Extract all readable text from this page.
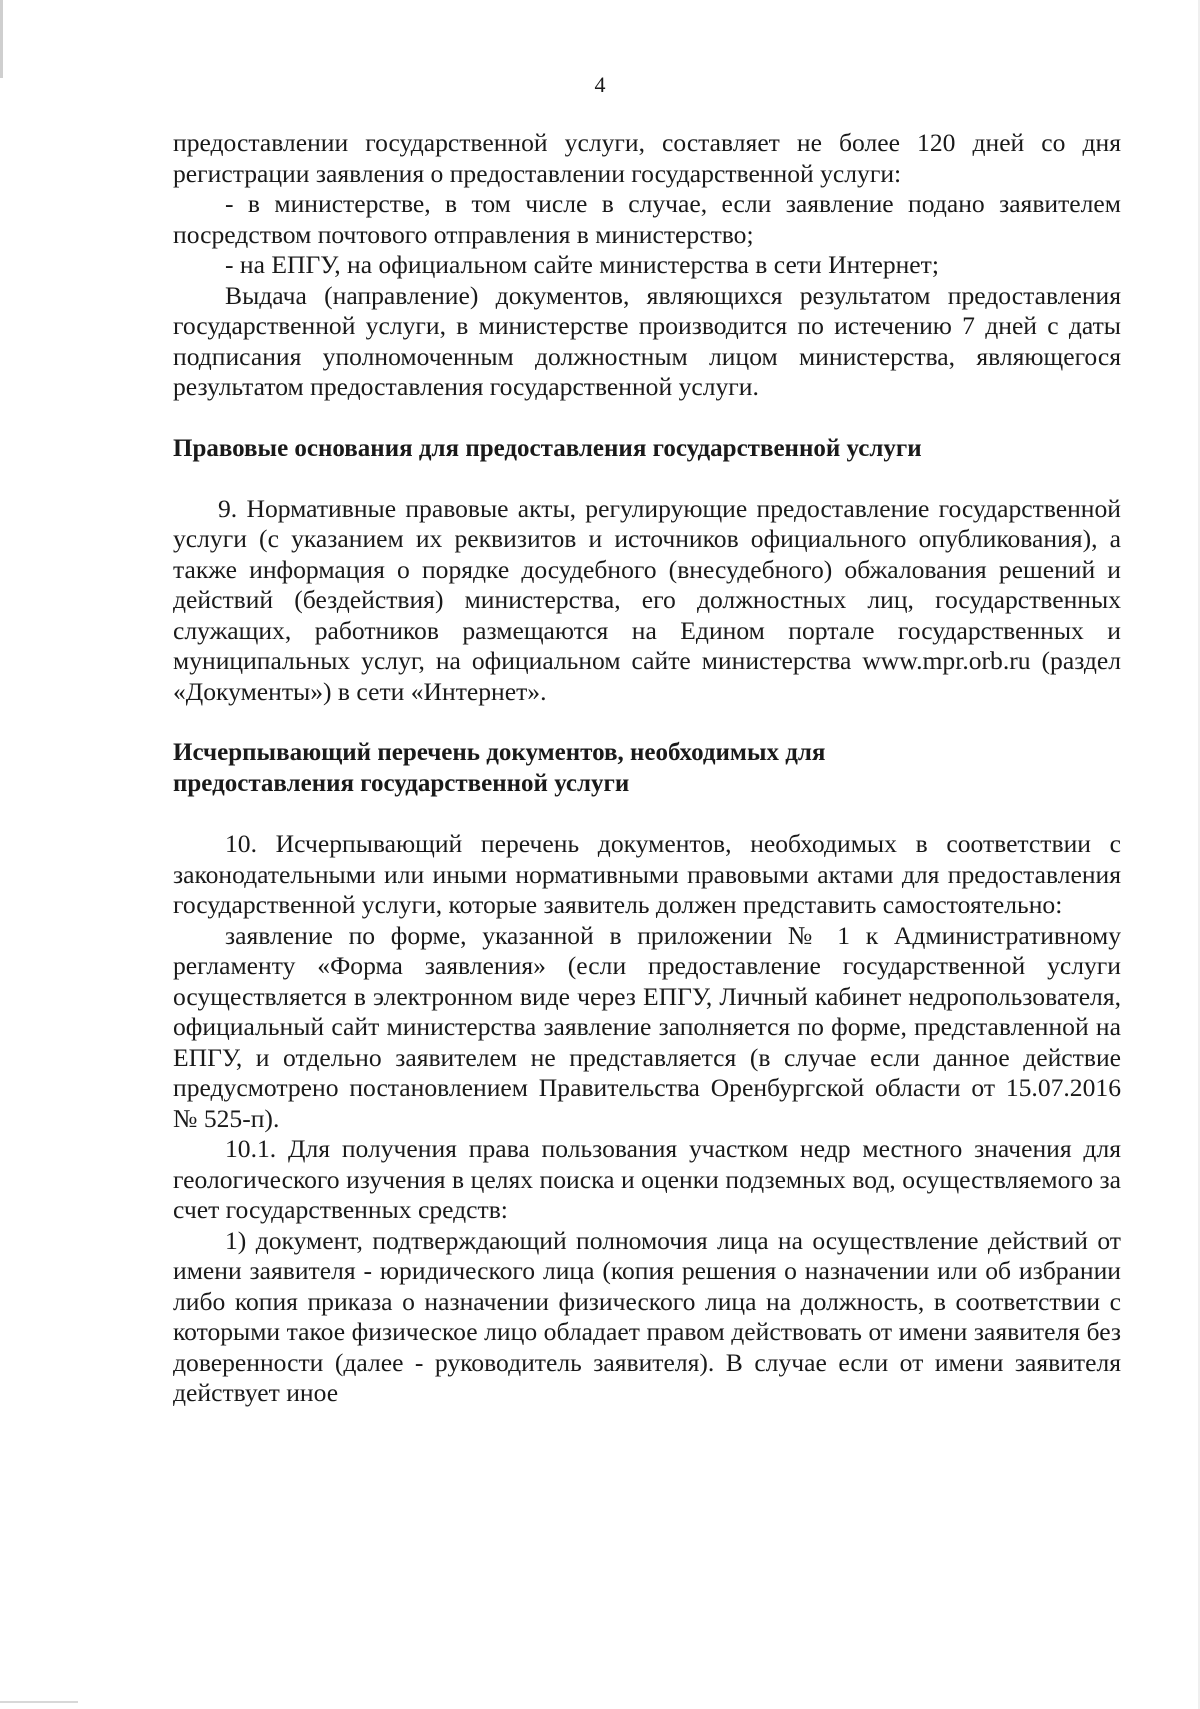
4

предоставлении государственной услуги, составляет не более 120 дней со дня регистрации заявления о предоставлении государственной услуги:

- в министерстве, в том числе в случае, если заявление подано заявителем посредством почтового отправления в министерство;

- на ЕПГУ, на официальном сайте министерства в сети Интернет;

Выдача (направление) документов, являющихся результатом предоставления государственной услуги, в министерстве производится по истечению 7 дней с даты подписания уполномоченным должностным лицом министерства, являющегося результатом предоставления государственной услуги.

Правовые основания для предоставления государственной услуги

9. Нормативные правовые акты, регулирующие предоставление государственной услуги (с указанием их реквизитов и источников официального опубликования), а также информация о порядке досудебного (внесудебного) обжалования решений и действий (бездействия) министерства, его должностных лиц, государственных служащих, работников размещаются на Едином портале государственных и муниципальных услуг, на официальном сайте министерства www.mpr.orb.ru (раздел «Документы») в сети «Интернет».

Исчерпывающий перечень документов, необходимых для

предоставления государственной услуги

10. Исчерпывающий перечень документов, необходимых в соответствии с законодательными или иными нормативными правовыми актами для предоставления государственной услуги, которые заявитель должен представить самостоятельно:

заявление по форме, указанной в приложении № 1 к Административному регламенту «Форма заявления» (если предоставление государственной услуги осуществляется в электронном виде через ЕПГУ, Личный кабинет недропользователя, официальный сайт министерства заявление заполняется по форме, представленной на ЕПГУ, и отдельно заявителем не представляется (в случае если данное действие предусмотрено постановлением Правительства Оренбургской области от 15.07.2016 № 525-п).

10.1. Для получения права пользования участком недр местного значения для геологического изучения в целях поиска и оценки подземных вод, осуществляемого за счет государственных средств:

1) документ, подтверждающий полномочия лица на осуществление действий от имени заявителя - юридического лица (копия решения о назначении или об избрании либо копия приказа о назначении физического лица на должность, в соответствии с которыми такое физическое лицо обладает правом действовать от имени заявителя без доверенности (далее - руководитель заявителя). В случае если от имени заявителя действует иное
